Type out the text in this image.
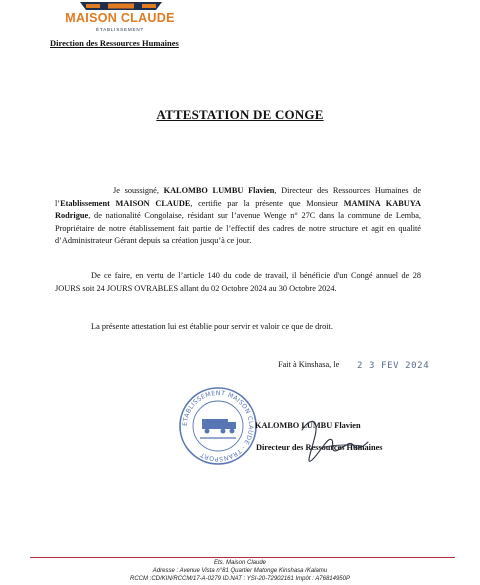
MAISON CLAUDE
ÉTABLISSEMENT
Direction des Ressources Humaines
ATTESTATION DE CONGE
Je soussigné, KALOMBO LUMBU Flavien, Directeur des Ressources Humaines de l’Etablissement MAISON CLAUDE, certifie par la présente que Monsieur MAMINA KABUYA Rodrigue, de nationalité Congolaise, résidant sur l’avenue Wenge n° 27C dans la commune de Lemba, Propriétaire de notre établissement fait partie de l’effectif des cadres de notre structure et agit en qualité d’Administrateur Gérant depuis sa création jusqu’à ce jour.
De ce faire, en vertu de l’article 140 du code de travail, il bénéficie d'un Congé annuel de 28 JOURS soit 24 JOURS OVRABLES allant du 02 Octobre 2024 au 30 Octobre 2024.
La présente attestation lui est établie pour servir et valoir ce que de droit.
Fait à Kinshasa, le 2 3 FEV 2024
ETABLISSEMENT MAISON CLAUDE · TRANSPORT
KALOMBO LUMBU Flavien
Directeur des Ressources Humaines
Ets. Maison Claude
Adresse : Avenue Vista n°81 Quartier Matonge Kinshasa /Kalamu
RCCM :CD/KIN/RCCM/17-A-0279 ID.NAT : YSI-20-72902161 Impôt : A76814950P
